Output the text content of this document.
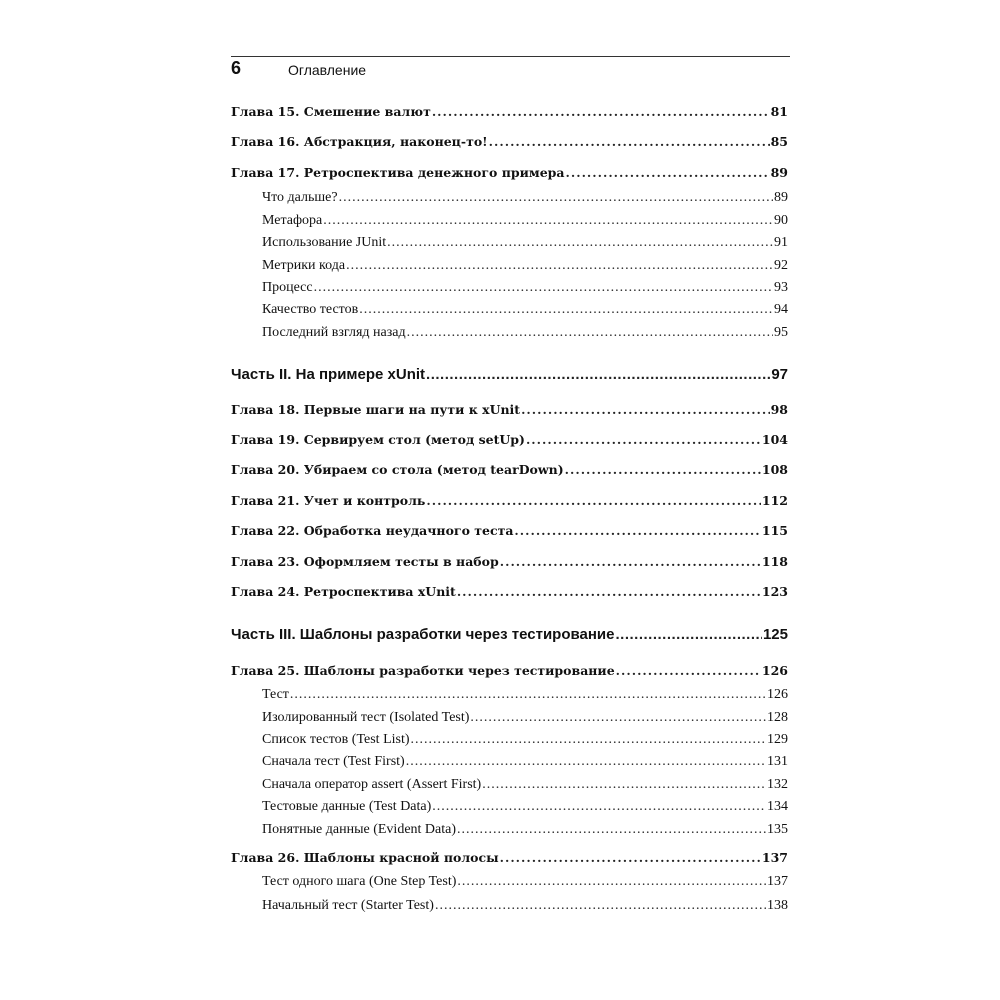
6	Оглавление
Глава 15. Смешение валют .....	81
Глава 16. Абстракция, наконец-то! .....	85
Глава 17. Ретроспектива денежного примера .....	89
Что дальше? .....	89
Метафора .....	90
Использование JUnit .....	91
Метрики кода .....	92
Процесс .....	93
Качество тестов .....	94
Последний взгляд назад .....	95
Часть II. На примере xUnit .....	97
Глава 18. Первые шаги на пути к xUnit .....	98
Глава 19. Сервируем стол (метод setUp) .....	104
Глава 20. Убираем со стола (метод tearDown) .....	108
Глава 21. Учет и контроль .....	112
Глава 22. Обработка неудачного теста .....	115
Глава 23. Оформляем тесты в набор .....	118
Глава 24. Ретроспектива xUnit .....	123
Часть III. Шаблоны разработки через тестирование .....	125
Глава 25. Шаблоны разработки через тестирование .....	126
Тест .....	126
Изолированный тест (Isolated Test) .....	128
Список тестов (Test List) .....	129
Сначала тест (Test First) .....	131
Сначала оператор assert (Assert First) .....	132
Тестовые данные (Test Data) .....	134
Понятные данные (Evident Data) .....	135
Глава 26. Шаблоны красной полосы .....	137
Тест одного шага (One Step Test) .....	137
Начальный тест (Starter Test) .....	138
